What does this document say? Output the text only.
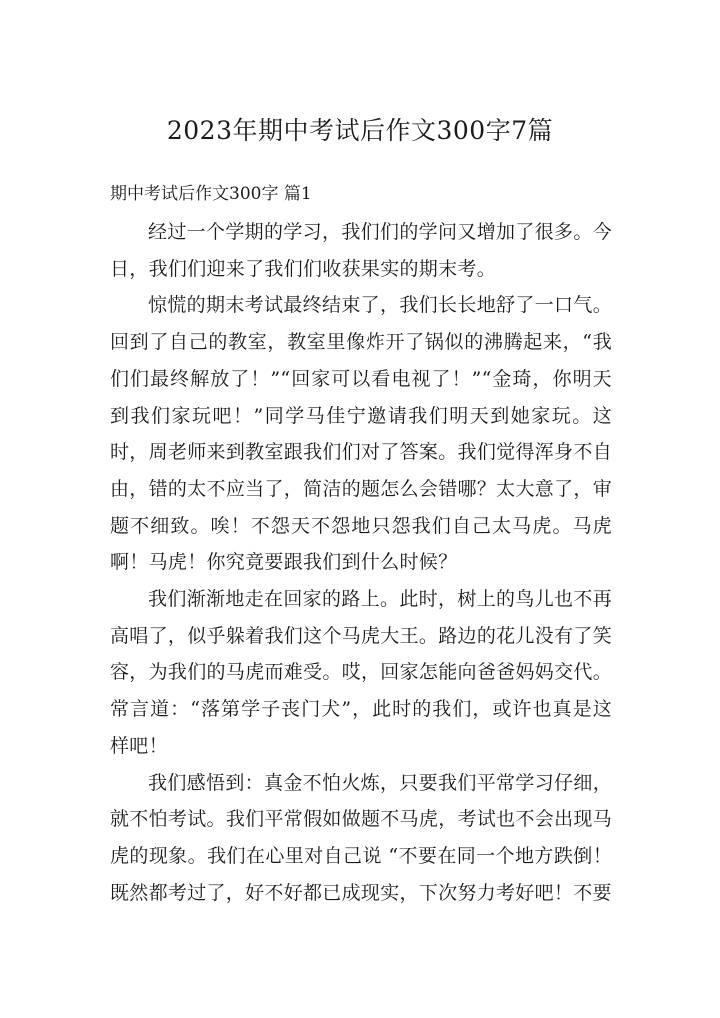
2023年期中考试后作文300字7篇

期中考试后作文300字 篇1

经过一个学期的学习，我们们的学问又增加了很多。今日，我们们迎来了我们们收获果实的期末考。

惊慌的期末考试最终结束了，我们长长地舒了一口气。回到了自己的教室，教室里像炸开了锅似的沸腾起来，“我们们最终解放了！”“回家可以看电视了！”“金琦，你明天到我们家玩吧！”同学马佳宁邀请我们明天到她家玩。这时，周老师来到教室跟我们们对了答案。我们觉得浑身不自由，错的太不应当了，简洁的题怎么会错哪？太大意了，审题不细致。唉！不怨天不怨地只怨我们自己太马虎。马虎啊！马虎！你究竟要跟我们到什么时候？

我们渐渐地走在回家的路上。此时，树上的鸟儿也不再高唱了，似乎躲着我们这个马虎大王。路边的花儿没有了笑容，为我们的马虎而难受。哎，回家怎能向爸爸妈妈交代。常言道：“落第学子丧门犬”，此时的我们，或许也真是这样吧！

我们感悟到：真金不怕火炼，只要我们平常学习仔细，就不怕考试。我们平常假如做题不马虎，考试也不会出现马虎的现象。我们在心里对自己说 “不要在同一个地方跌倒！既然都考过了，好不好都已成现实，下次努力考好吧！不要
